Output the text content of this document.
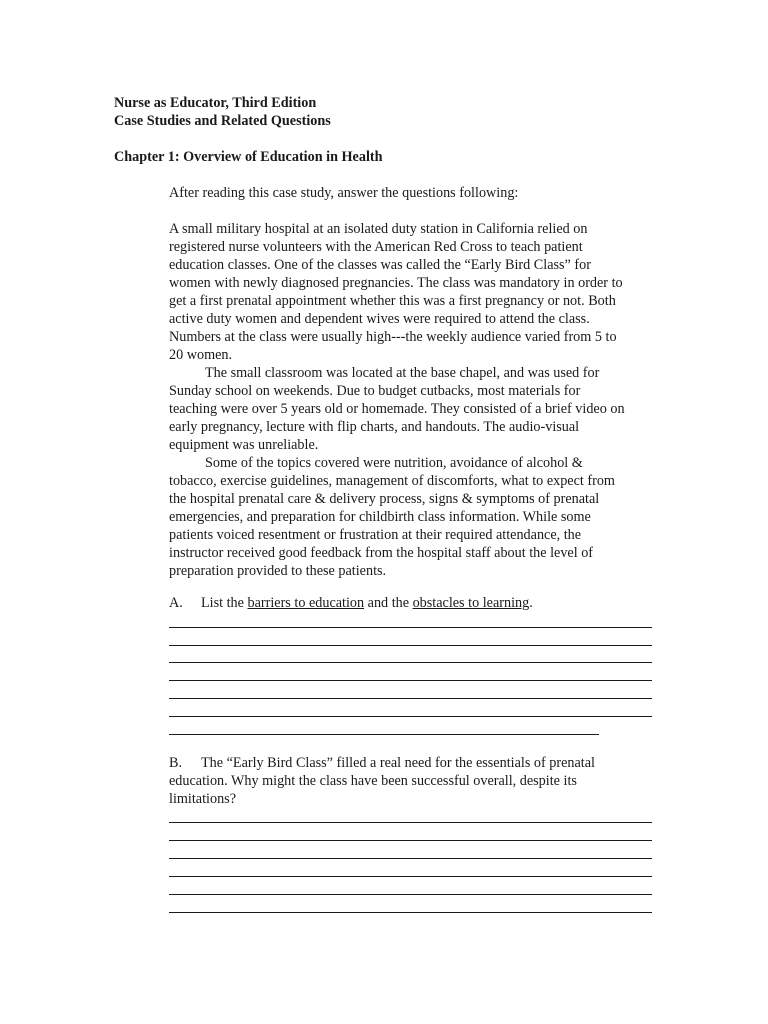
Nurse as Educator, Third Edition
Case Studies and Related Questions
Chapter 1: Overview of Education in Health
After reading this case study, answer the questions following:
A small military hospital at an isolated duty station in California relied on
registered nurse volunteers with the American Red Cross to teach patient
education classes. One of the classes was called the “Early Bird Class” for
women with newly diagnosed pregnancies. The class was mandatory in order to
get a first prenatal appointment whether this was a first pregnancy or not. Both
active duty women and dependent wives were required to attend the class.
Numbers at the class were usually high---the weekly audience varied from 5 to
20 women.
The small classroom was located at the base chapel, and was used for
Sunday school on weekends. Due to budget cutbacks, most materials for
teaching were over 5 years old or homemade. They consisted of a brief video on
early pregnancy, lecture with flip charts, and handouts. The audio-visual
equipment was unreliable.
Some of the topics covered were nutrition, avoidance of alcohol &
tobacco, exercise guidelines, management of discomforts, what to expect from
the hospital prenatal care & delivery process, signs & symptoms of prenatal
emergencies, and preparation for childbirth class information. While some
patients voiced resentment or frustration at their required attendance, the
instructor received good feedback from the hospital staff about the level of
preparation provided to these patients.
A. List the barriers to education and the obstacles to learning.
B. The “Early Bird Class” filled a real need for the essentials of prenatal
education. Why might the class have been successful overall, despite its
limitations?
